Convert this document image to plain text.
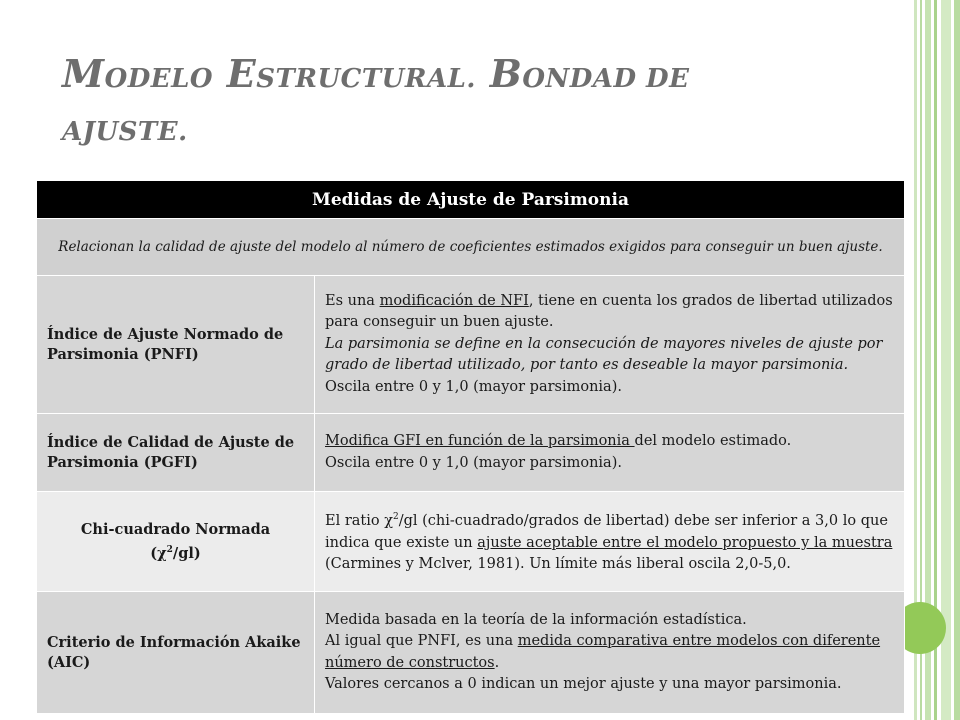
MODELO ESTRUCTURAL. BONDAD DE
AJUSTE.
Medidas de Ajuste de Parsimonia	
Relacionan la calidad de ajuste del modelo al número de coeficientes estimados exigidos para conseguir un buen ajuste.	
Índice de Ajuste Normado de Parsimonia (PNFI)	Es una modificación de NFI, tiene en cuenta los grados de libertad utilizados para conseguir un buen ajuste.
La parsimonia se define en la consecución de mayores niveles de ajuste por grado de libertad utilizado, por tanto es deseable la mayor parsimonia.
Oscila entre 0 y 1,0 (mayor parsimonia).
Índice de Calidad de Ajuste de Parsimonia (PGFI)	Modifica GFI en función de la parsimonia del modelo estimado.
Oscila entre 0 y 1,0 (mayor parsimonia).
Chi-cuadrado Normada
$(\chi^2/gl)$	El ratio $\chi^2/gl$ (chi-cuadrado/grados de libertad) debe ser inferior a 3,0 lo que indica que existe un ajuste aceptable entre el modelo propuesto y la muestra (Carmines y Mclver, 1981). Un límite más liberal oscila 2,0-5,0.
Criterio de Información Akaike (AIC)	Medida basada en la teoría de la información estadística.
Al igual que PNFI, es una medida comparativa entre modelos con diferente número de constructos.
Valores cercanos a 0 indican un mejor ajuste y una mayor parsimonia.
